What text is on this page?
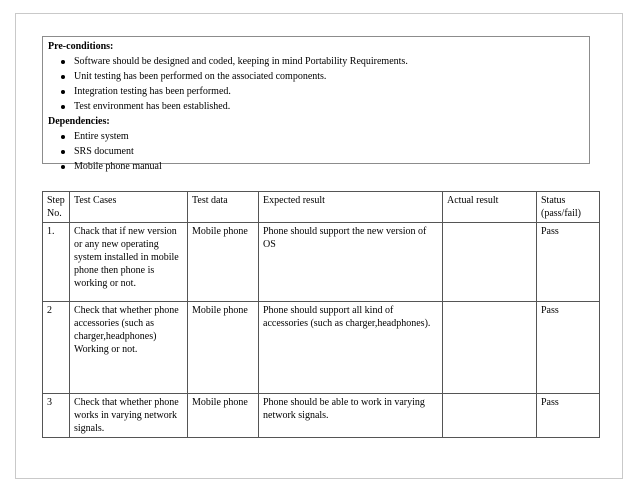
Pre-conditions:
Software should be designed and coded, keeping in mind Portability Requirements.
Unit testing has been performed on the associated components.
Integration testing has been performed.
Test environment has been established.
Dependencies:
Entire system
SRS document
Mobile phone manual
Step No.	Test Cases	Test data	Expected result	Actual result	Status (pass/fail)
1.	Chack that if new version or any new operating system installed in mobile phone then phone is working or not.	Mobile phone	Phone should support the new version of OS		Pass
2	Check that whether phone accessories (such as charger,headphones) Working or not.	Mobile phone	Phone should support all kind of accessories (such as charger,headphones).		Pass
3	Check that whether phone works in varying network signals.	Mobile phone	Phone should be able to work in varying network signals.		Pass
